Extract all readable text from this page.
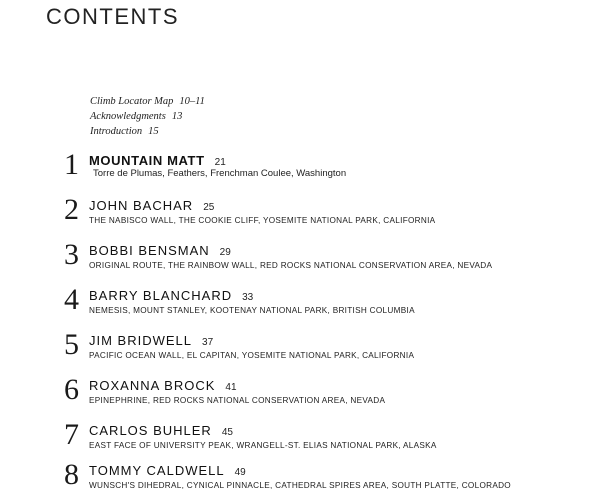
CONTENTS
Climb Locator Map 10–11
Acknowledgments 13
Introduction 15
1 MOUNTAIN MATT 21
Torre de Plumas, Feathers, Frenchman Coulee, Washington
2 JOHN BACHAR 25
THE NABISCO WALL, THE COOKIE CLIFF, YOSEMITE NATIONAL PARK, CALIFORNIA
3 BOBBI BENSMAN 29
ORIGINAL ROUTE, THE RAINBOW WALL, RED ROCKS NATIONAL CONSERVATION AREA, NEVADA
4 BARRY BLANCHARD 33
NEMESIS, MOUNT STANLEY, KOOTENAY NATIONAL PARK, BRITISH COLUMBIA
5 JIM BRIDWELL 37
PACIFIC OCEAN WALL, EL CAPITAN, YOSEMITE NATIONAL PARK, CALIFORNIA
6 ROXANNA BROCK 41
EPINEPHRINE, RED ROCKS NATIONAL CONSERVATION AREA, NEVADA
7 CARLOS BUHLER 45
EAST FACE OF UNIVERSITY PEAK, WRANGELL-ST. ELIAS NATIONAL PARK, ALASKA
8 TOMMY CALDWELL 49
WUNSCH'S DIHEDRAL, CYNICAL PINNACLE, CATHEDRAL SPIRES AREA, SOUTH PLATTE, COLORADO
